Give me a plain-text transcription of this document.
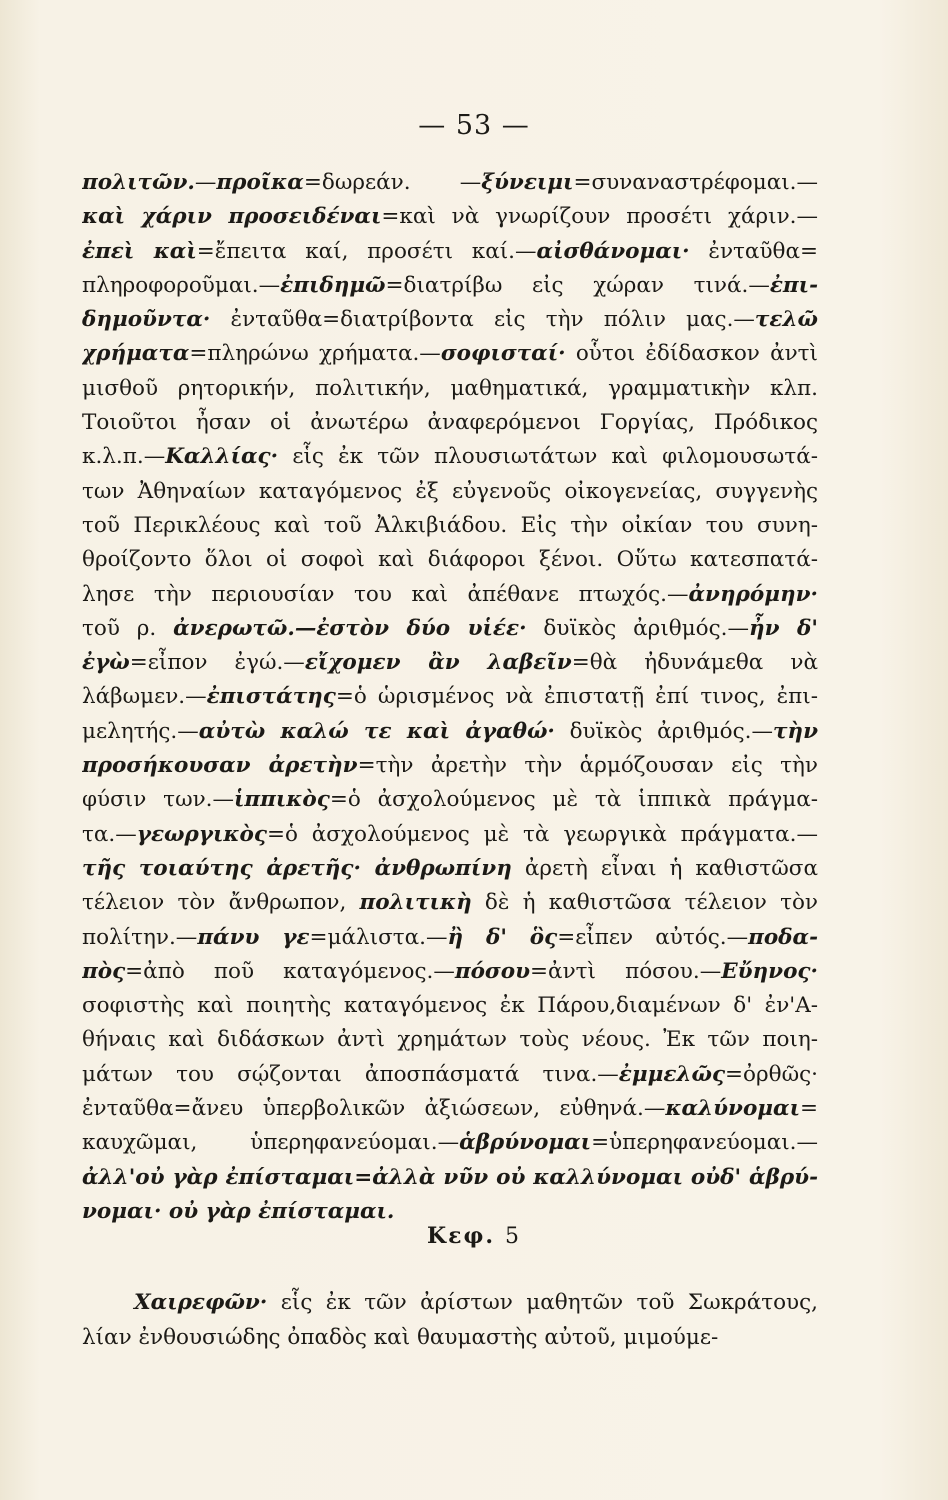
— 53 —
πολιτῶν.—προῖκα=δωρεάν. —ξύνειμι=συναναστρέφομαι.—
καὶ χάριν προσειδέναι=καὶ νὰ γνωρίζουν προσέτι χάριν.—
ἐπεὶ καὶ=ἔπειτα καί, προσέτι καί.—αἰσθάνομαι· ἐνταῦθα=
πληροφοροῦμαι.—ἐπιδημῶ=διατρίβω εἰς χώραν τινά.—ἐπι-
δημοῦντα· ἐνταῦθα=διατρίβοντα εἰς τὴν πόλιν μας.—τελῶ
χρήματα=πληρώνω χρήματα.—σοφισταί· οὗτοι ἐδίδασκον ἀντὶ
μισθοῦ ρητορικήν, πολιτικήν, μαθηματικά, γραμματικὴν κλπ.
Τοιοῦτοι ἦσαν οἱ ἀνωτέρω ἀναφερόμενοι Γοργίας, Πρόδικος
κ.λ.π.—Καλλίας· εἷς ἐκ τῶν πλουσιωτάτων καὶ φιλομουσωτά-
των Ἀθηναίων καταγόμενος ἐξ εὐγενοῦς οἰκογενείας, συγγενὴς
τοῦ Περικλέους καὶ τοῦ Ἀλκιβιάδου. Εἰς τὴν οἰκίαν του συνη-
θροίζοντο ὅλοι οἱ σοφοὶ καὶ διάφοροι ξένοι. Οὕτω κατεσπατά-
λησε τὴν περιουσίαν του καὶ ἀπέθανε πτωχός.—ἀνηρόμην·
τοῦ ρ. ἀνερωτῶ.—ἐστὸν δύο υἱέε· δυϊκὸς ἀριθμός.—ἦν δ'
ἐγὼ=εἶπον ἐγώ.—εἴχομεν ἂν λαβεῖν=θὰ ἠδυνάμεθα νὰ
λάβωμεν.—ἐπιστάτης=ὁ ὡρισμένος νὰ ἐπιστατῇ ἐπί τινος, ἐπι-
μελητής.—αὐτὼ καλώ τε καὶ ἀγαθώ· δυϊκὸς ἀριθμός.—τὴν
προσήκουσαν ἀρετὴν=τὴν ἀρετὴν τὴν ἁρμόζουσαν εἰς τὴν
φύσιν των.—ἱππικὸς=ὁ ἀσχολούμενος μὲ τὰ ἱππικὰ πράγμα-
τα.—γεωργικὸς=ὁ ἀσχολούμενος μὲ τὰ γεωργικὰ πράγματα.—
τῆς τοιαύτης ἀρετῆς· ἀνθρωπίνη ἀρετὴ εἶναι ἡ καθιστῶσα
τέλειον τὸν ἄνθρωπον, πολιτικὴ δὲ ἡ καθιστῶσα τέλειον τὸν
πολίτην.—πάνυ γε=μάλιστα.—ἢ δ' ὃς=εἶπεν αὐτός.—ποδα-
πὸς=ἀπὸ ποῦ καταγόμενος.—πόσου=ἀντὶ πόσου.—Εὔηνος·
σοφιστὴς καὶ ποιητὴς καταγόμενος ἐκ Πάρου,διαμένων δ' ἐν'Α-
θήναις καὶ διδάσκων ἀντὶ χρημάτων τοὺς νέους. Ἐκ τῶν ποιη-
μάτων του σῴζονται ἀποσπάσματά τινα.—ἐμμελῶς=ὀρθῶς·
ἐνταῦθα=ἄνευ ὑπερβολικῶν ἀξιώσεων, εὐθηνά.—καλύνομαι=
καυχῶμαι, ὑπερηφανεύομαι.—ἁβρύνομαι=ὑπερηφανεύομαι.—
ἀλλ'οὐ γὰρ ἐπίσταμαι=ἀλλὰ νῦν οὐ καλλύνομαι οὐδ' ἁβρύ-
νομαι· οὐ γὰρ ἐπίσταμαι.
Κεφ. 5
Χαιρεφῶν· εἷς ἐκ τῶν ἀρίστων μαθητῶν τοῦ Σωκράτους,
λίαν ἐνθουσιώδης ὀπαδὸς καὶ θαυμαστὴς αὐτοῦ, μιμούμε-
